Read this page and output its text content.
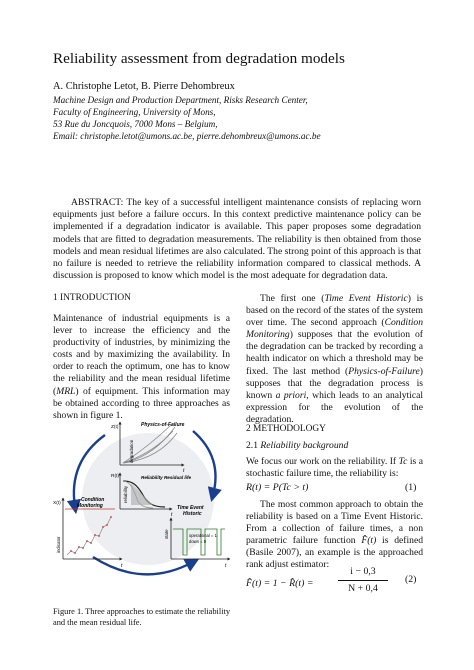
Reliability assessment from degradation models
A. Christophe Letot, B. Pierre Dehombreux
Machine Design and Production Department, Risks Research Center,
Faculty of Engineering, University of Mons,
53 Rue du Joncquois, 7000 Mons – Belgium,
Email: christophe.letot@umons.ac.be, pierre.dehombreux@umons.ac.be

ABSTRACT: The key of a successful intelligent maintenance consists of replacing worn equipments just before a failure occurs. In this context predictive maintenance policy can be implemented if a degradation indicator is available. This paper proposes some degradation models that are fitted to degradation measurements. The reliability is then obtained from those models and mean residual lifetimes are also calculated. The strong point of this approach is that no failure is needed to retrieve the reliability information compared to classical methods. A discussion is proposed to know which model is the most adequate for degradation data.

1 INTRODUCTION

Maintenance of industrial equipments is a lever to increase the efficiency and the productivity of industries, by minimizing the costs and by maximizing the availability. In order to reach the optimum, one has to know the reliability and the mean residual lifetime (MRL) of equipment. This information may be obtained according to three approaches as shown in figure 1.

Z(t)	Physics-of-Failure
degradation
t
R(t)	Reliability Residual life
reliability
t
X(t)
Condition
Monitoring
indicator
t
Time Event
Historic
state	operational = 1
down = 0
t
Figure 1. Three approaches to estimate the reliability and the mean residual life.

The first one (Time Event Historic) is based on the record of the states of the system over time. The second approach (Condition Monitoring) supposes that the evolution of the degradation can be tracked by recording a health indicator on which a threshold may be fixed. The last method (Physics-of-Failure) supposes that the degradation process is known a priori, which leads to an analytical expression for the evolution of the degradation.

2 METHODOLOGY
2.1 Reliability background

We focus our work on the reliability. If Tc is a stochastic failure time, the reliability is:

R(t) = P(Tc > t)	(1)

The most common approach to obtain the reliability is based on a Time Event Historic. From a collection of failure times, a non parametric failure function F̂(t) is defined (Basile 2007), an example is the approached rank adjust estimator:

F̂(t) = 1 − R̂(t) =
i − 0,3
N + 0,4
(2)
